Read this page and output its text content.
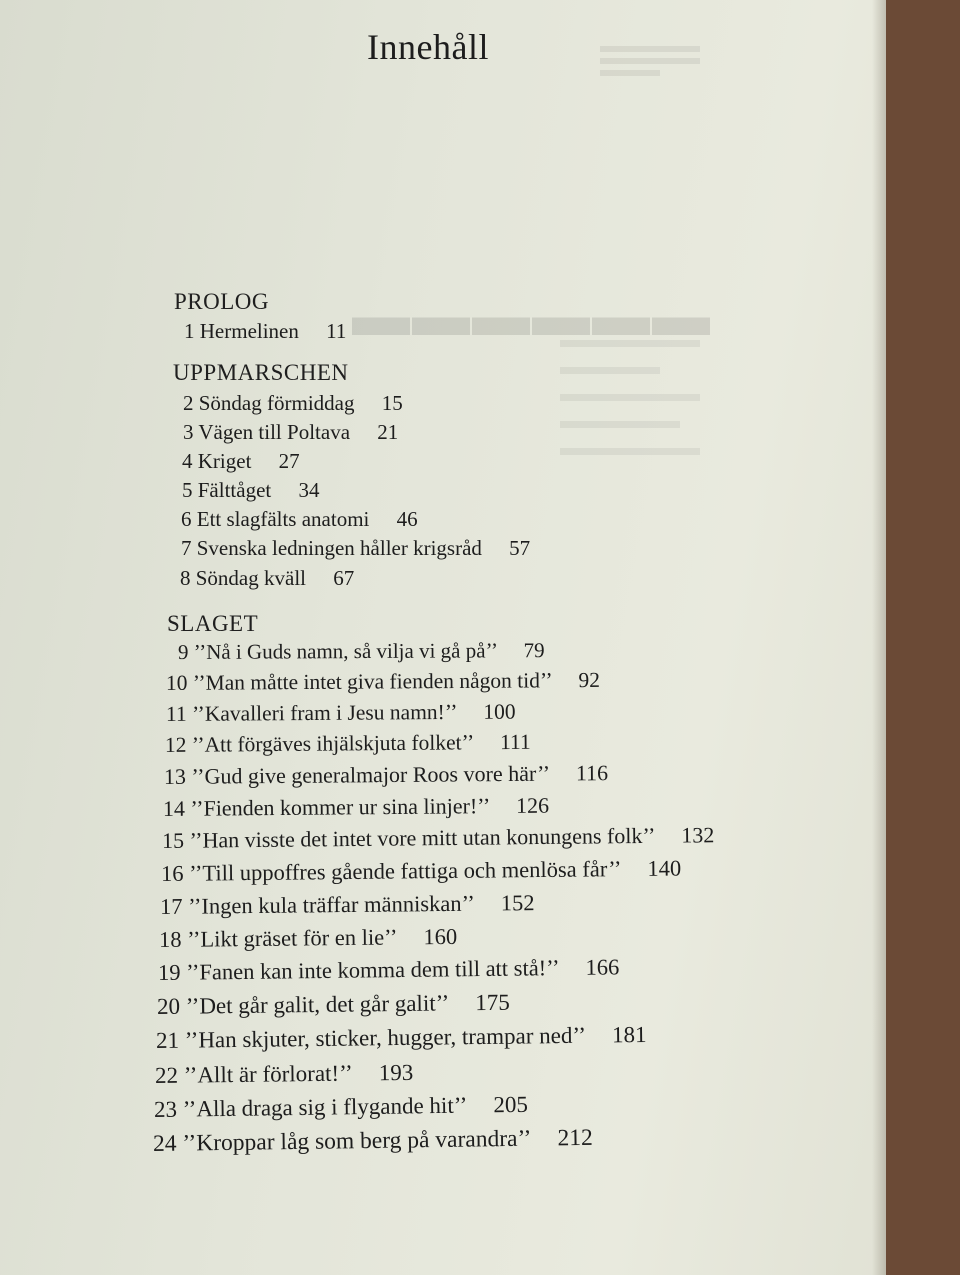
▬▬▬▬▬▬
Innehåll
PROLOG
1 Hermelinen 11
UPPMARSCHEN
2 Söndag förmiddag 15
3 Vägen till Poltava 21
4 Kriget 27
5 Fälttåget 34
6 Ett slagfälts anatomi 46
7 Svenska ledningen håller krigsråd 57
8 Söndag kväll 67
SLAGET
9 ’’Nå i Guds namn, så vilja vi gå på’’ 79
10 ’’Man måtte intet giva fienden någon tid’’ 92
11 ’’Kavalleri fram i Jesu namn!’’ 100
12 ’’Att förgäves ihjälskjuta folket’’ 111
13 ’’Gud give generalmajor Roos vore här’’ 116
14 ’’Fienden kommer ur sina linjer!’’ 126
15 ’’Han visste det intet vore mitt utan konungens folk’’ 132
16 ’’Till uppoffres gående fattiga och menlösa får’’ 140
17 ’’Ingen kula träffar människan’’ 152
18 ’’Likt gräset för en lie’’ 160
19 ’’Fanen kan inte komma dem till att stå!’’ 166
20 ’’Det går galit, det går galit’’ 175
21 ’’Han skjuter, sticker, hugger, trampar ned’’ 181
22 ’’Allt är förlorat!’’ 193
23 ’’Alla draga sig i flygande hit’’ 205
24 ’’Kroppar låg som berg på varandra’’ 212
